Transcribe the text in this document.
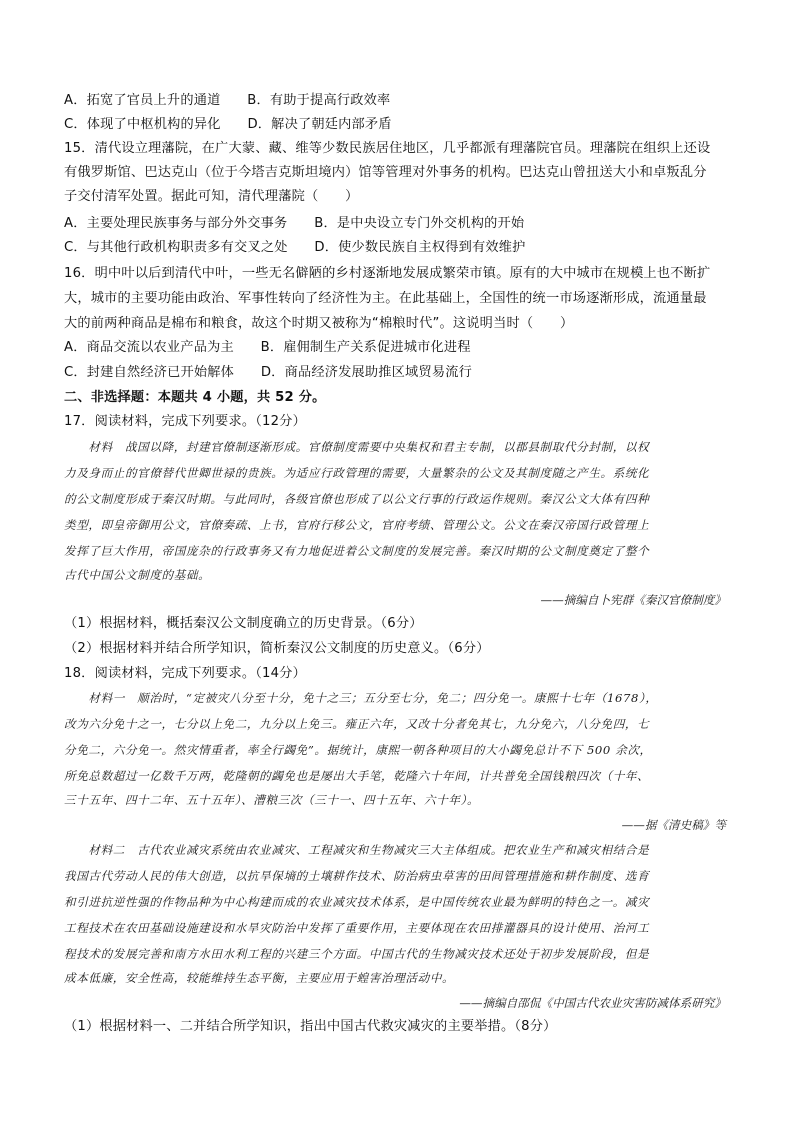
A．拓宽了官员上升的通道　　B．有助于提高行政效率
C．体现了中枢机构的异化　　D．解决了朝廷内部矛盾
15．清代设立理藩院，在广大蒙、藏、维等少数民族居住地区，几乎都派有理藩院官员。理藩院在组织上还设
有俄罗斯馆、巴达克山（位于今塔吉克斯坦境内）馆等管理对外事务的机构。巴达克山曾扭送大小和卓叛乱分
子交付清军处置。据此可知，清代理藩院（　　）
A．主要处理民族事务与部分外交事务　　B．是中央设立专门外交机构的开始
C．与其他行政机构职责多有交叉之处　　D．使少数民族自主权得到有效维护
16．明中叶以后到清代中叶，一些无名僻陋的乡村逐渐地发展成繁荣市镇。原有的大中城市在规模上也不断扩
大，城市的主要功能由政治、军事性转向了经济性为主。在此基础上，全国性的统一市场逐渐形成，流通量最
大的前两种商品是棉布和粮食，故这个时期又被称为“棉粮时代”。这说明当时（　　）
A．商品交流以农业产品为主　　B．雇佣制生产关系促进城市化进程
C．封建自然经济已开始解体　　D．商品经济发展助推区域贸易流行
二、非选择题：本题共 4 小题，共 52 分。
17．阅读材料，完成下列要求。（12分）
　　材料　战国以降，封建官僚制逐渐形成。官僚制度需要中央集权和君主专制，以郡县制取代分封制，以权
力及身而止的官僚替代世卿世禄的贵族。为适应行政管理的需要，大量繁杂的公文及其制度随之产生。系统化
的公文制度形成于秦汉时期。与此同时，各级官僚也形成了以公文行事的行政运作规则。秦汉公文大体有四种
类型，即皇帝御用公文，官僚奏疏、上书，官府行移公文，官府考绩、管理公文。公文在秦汉帝国行政管理上
发挥了巨大作用，帝国庞杂的行政事务又有力地促进着公文制度的发展完善。秦汉时期的公文制度奠定了整个
古代中国公文制度的基础。
——摘编自卜宪群《秦汉官僚制度》
（1）根据材料，概括秦汉公文制度确立的历史背景。（6分）
（2）根据材料并结合所学知识，简析秦汉公文制度的历史意义。（6分）
18．阅读材料，完成下列要求。（14分）
　　材料一　顺治时，“定被灾八分至十分，免十之三；五分至七分，免二；四分免一。康熙十七年（1678），
改为六分免十之一，七分以上免二，九分以上免三。雍正六年，又改十分者免其七，九分免六，八分免四，七
分免二，六分免一。然灾情重者，率全行蠲免”。据统计，康熙一朝各种项目的大小蠲免总计不下 500 余次，
所免总数超过一亿数千万两，乾隆朝的蠲免也是屡出大手笔，乾隆六十年间，计共普免全国钱粮四次（十年、
三十五年、四十二年、五十五年）、漕粮三次（三十一、四十五年、六十年）。
——据《清史稿》等
　　材料二　古代农业减灾系统由农业减灾、工程减灾和生物减灾三大主体组成。把农业生产和减灾相结合是
我国古代劳动人民的伟大创造，以抗旱保墒的土壤耕作技术、防治病虫草害的田间管理措施和耕作制度、选育
和引进抗逆性强的作物品种为中心构建而成的农业减灾技术体系，是中国传统农业最为鲜明的特色之一。减灾
工程技术在农田基础设施建设和水旱灾防治中发挥了重要作用，主要体现在农田排灌器具的设计使用、治河工
程技术的发展完善和南方水田水利工程的兴建三个方面。中国古代的生物减灾技术还处于初步发展阶段，但是
成本低廉，安全性高，较能维持生态平衡，主要应用于蝗害治理活动中。
——摘编自邵侃《中国古代农业灾害防减体系研究》
（1）根据材料一、二并结合所学知识，指出中国古代救灾减灾的主要举措。（8分）
